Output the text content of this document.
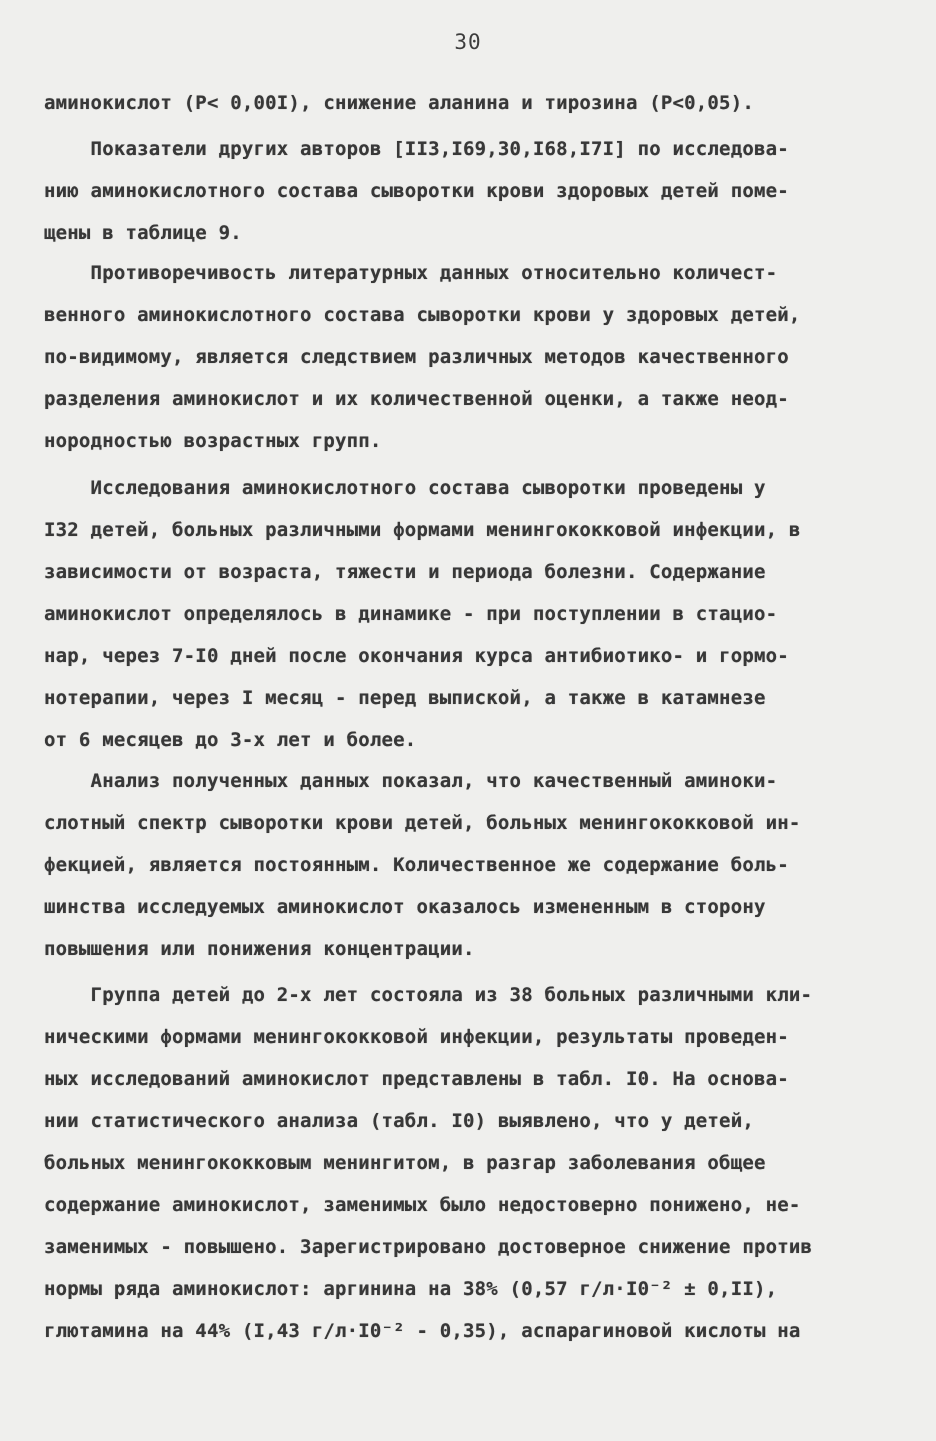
30
аминокислот (P< 0,00I), снижение аланина и тирозина (P<0,05).
Показатели других авторов [II3,I69,30,I68,I7I] по исследова-
нию аминокислотного состава сыворотки крови здоровых детей поме-
щены в таблице 9.
Противоречивость литературных данных относительно количест-
венного аминокислотного состава сыворотки крови у здоровых детей,
по-видимому, является следствием различных методов качественного
разделения аминокислот и их количественной оценки, а также неод-
нородностью возрастных групп.
Исследования аминокислотного состава сыворотки проведены у
I32 детей, больных различными формами менингококковой инфекции, в
зависимости от возраста, тяжести и периода болезни. Содержание
аминокислот определялось в динамике - при поступлении в стацио-
нар, через 7-I0 дней после окончания курса антибиотико- и гормо-
нотерапии, через I месяц - перед выпиской, а также в катамнезе
от 6 месяцев до 3-х лет и более.
Анализ полученных данных показал, что качественный аминоки-
слотный спектр сыворотки крови детей, больных менингококковой ин-
фекцией, является постоянным. Количественное же содержание боль-
шинства исследуемых аминокислот оказалось измененным в сторону
повышения или понижения концентрации.
Группа детей до 2-х лет состояла из 38 больных различными кли-
ническими формами менингококковой инфекции, результаты проведен-
ных исследований аминокислот представлены в табл. I0. На основа-
нии статистического анализа (табл. I0) выявлено, что у детей,
больных менингококковым менингитом, в разгар заболевания общее
содержание аминокислот, заменимых было недостоверно понижено, не-
заменимых - повышено. Зарегистрировано достоверное снижение против
нормы ряда аминокислот: аргинина на 38% (0,57 г/л·I0⁻² ± 0,II),
глютамина на 44% (I,43 г/л·I0⁻² - 0,35), аспарагиновой кислоты на
